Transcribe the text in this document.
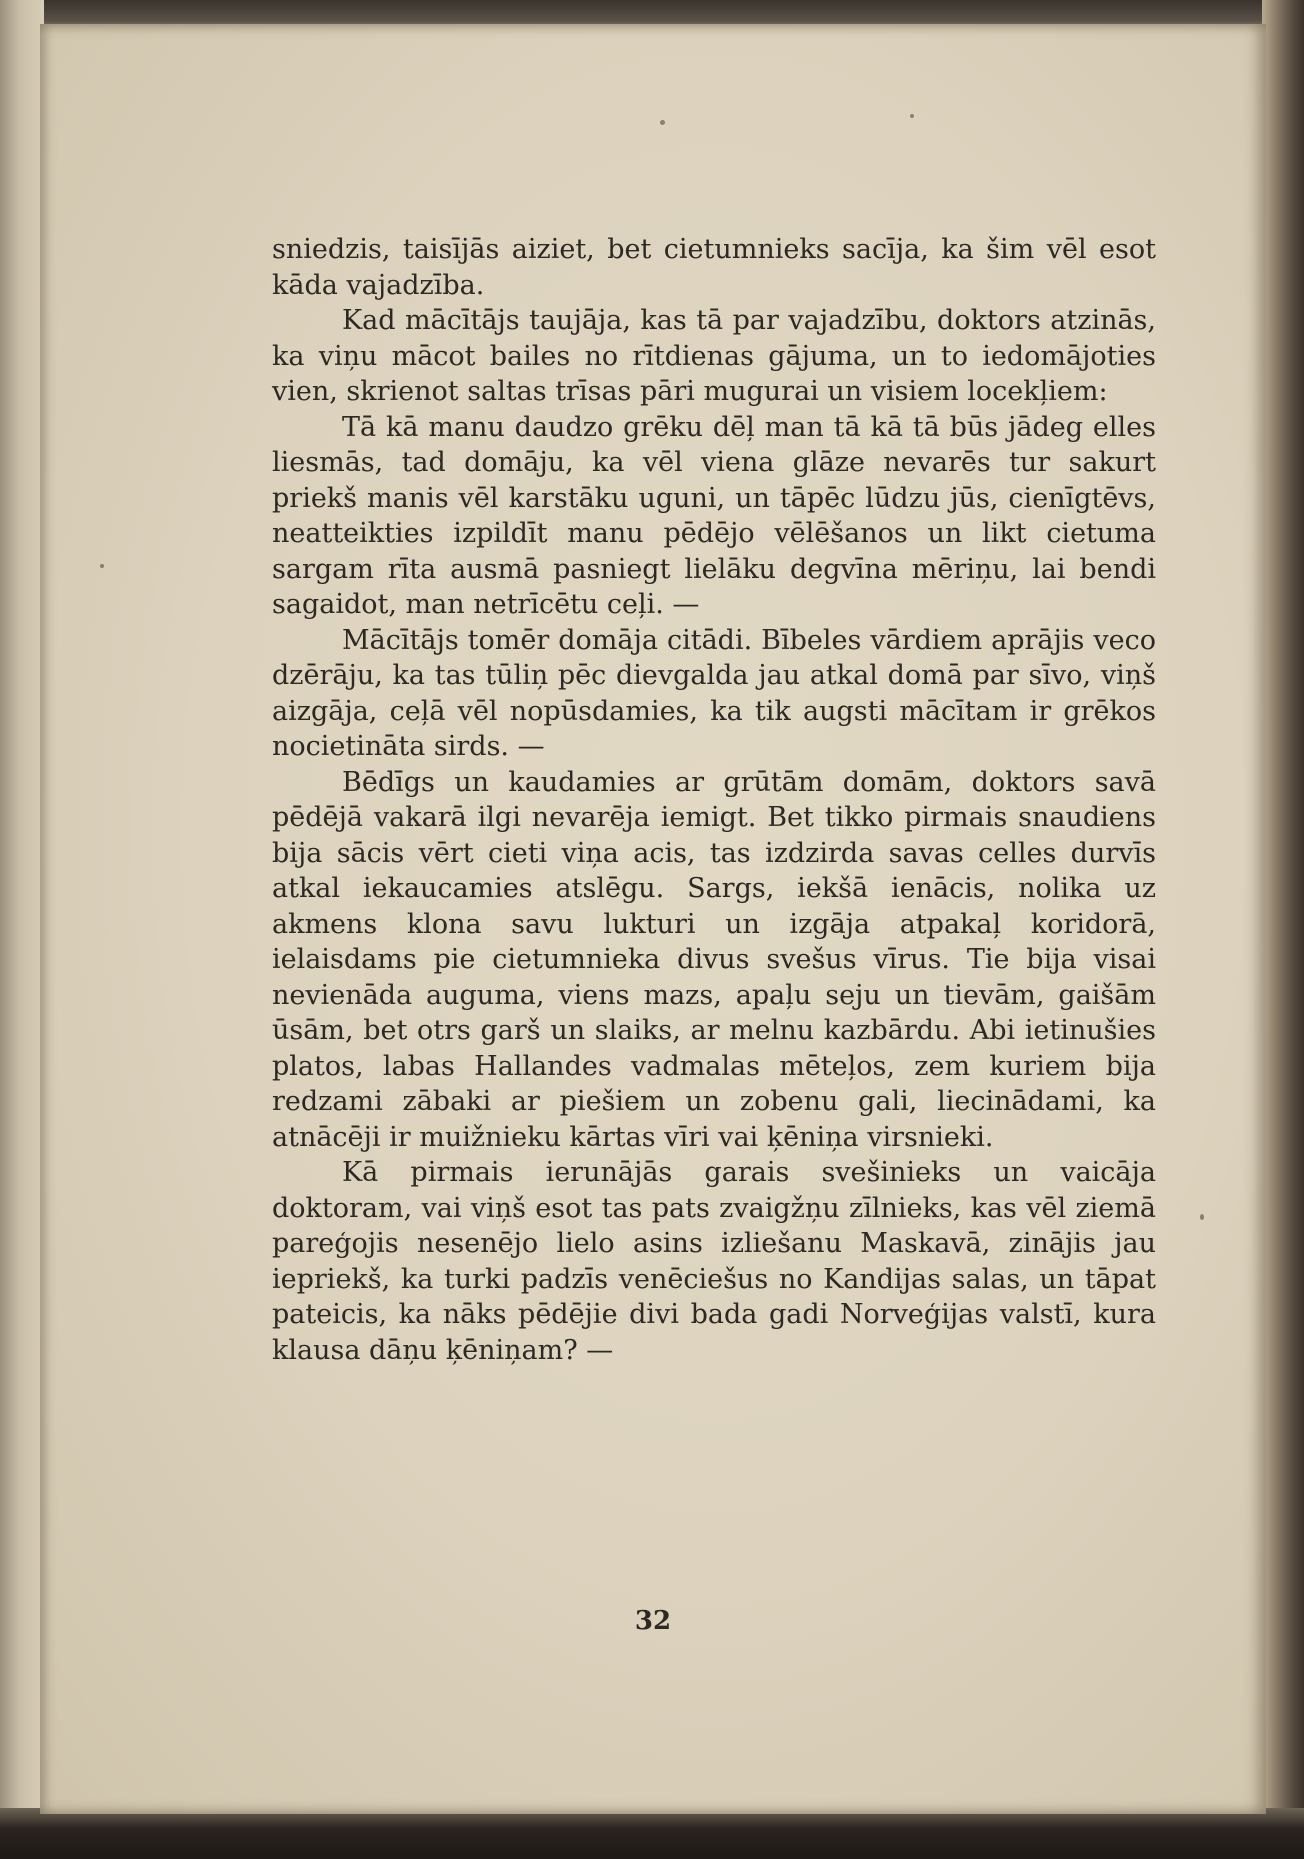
sniedzis, taisījās aiziet, bet cietumnieks sacīja, ka šim vēl esot kāda vajadzība.

Kad mācītājs taujāja, kas tā par vajadzību, doktors atzinās, ka viņu mācot bailes no rītdienas gājuma, un to iedomājoties vien, skrienot saltas trīsas pāri mugurai un visiem locekļiem:

Tā kā manu daudzo grēku dēļ man tā kā tā būs jādeg elles liesmās, tad domāju, ka vēl viena glāze nevarēs tur sakurt priekš manis vēl karstāku uguni, un tāpēc lūdzu jūs, cienīgtēvs, neatteikties izpildīt manu pēdējo vēlēšanos un likt cietuma sargam rīta ausmā pasniegt lielāku degvīna mēriņu, lai bendi sagaidot, man netrīcētu ceļi. —

Mācītājs tomēr domāja citādi. Bībeles vārdiem aprājis veco dzērāju, ka tas tūliņ pēc dievgalda jau atkal domā par sīvo, viņš aizgāja, ceļā vēl nopūsdamies, ka tik augsti mācītam ir grēkos nocietināta sirds. —

Bēdīgs un kaudamies ar grūtām domām, doktors savā pēdējā vakarā ilgi nevarēja iemigt. Bet tikko pirmais snaudiens bija sācis vērt cieti viņa acis, tas izdzirda savas celles durvīs atkal iekaucamies atslēgu. Sargs, iekšā ienācis, nolika uz akmens klona savu lukturi un izgāja atpakaļ koridorā, ielaisdams pie cietumnieka divus svešus vīrus. Tie bija visai nevienāda auguma, viens mazs, apaļu seju un tievām, gaišām ūsām, bet otrs garš un slaiks, ar melnu kazbārdu. Abi ietinušies platos, labas Hallandes vadmalas mēteļos, zem kuriem bija redzami zābaki ar piešiem un zobenu gali, liecinādami, ka atnācēji ir muižnieku kārtas vīri vai ķēniņa virsnieki.

Kā pirmais ierunājās garais svešinieks un vaicāja doktoram, vai viņš esot tas pats zvaigžņu zīlnieks, kas vēl ziemā pareģojis nesenējo lielo asins izliešanu Maskavā, zinājis jau iepriekš, ka turki padzīs venēciešus no Kandijas salas, un tāpat pateicis, ka nāks pēdējie divi bada gadi Norveģijas valstī, kura klausa dāņu ķēniņam? —

32
